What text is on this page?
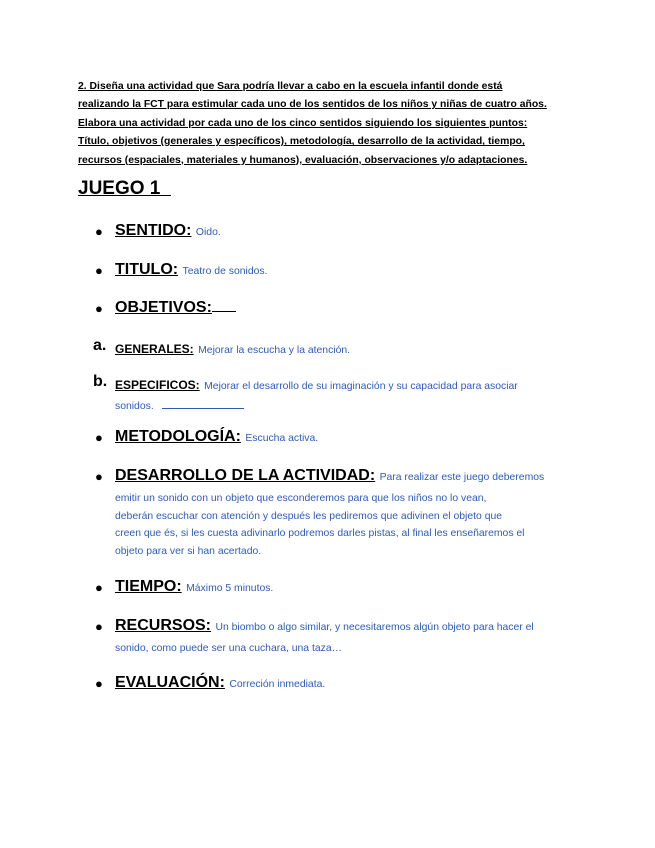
2. Diseña una actividad que Sara podría llevar a cabo en la escuela infantil donde está
realizando la FCT para estimular cada uno de los sentidos de los niños y niñas de cuatro años.
Elabora una actividad por cada uno de los cinco sentidos siguiendo los siguientes puntos:
Título, objetivos (generales y específicos), metodología, desarrollo de la actividad, tiempo,
recursos (espaciales, materiales y humanos), evaluación, observaciones y/o adaptaciones.
JUEGO 1
● SENTIDO: Oido.
● TITULO: Teatro de sonidos.
● OBJETIVOS:
a. GENERALES: Mejorar la escucha y la atención.
b. ESPECIFICOS: Mejorar el desarrollo de su imaginación y su capacidad para asociar
sonidos.
● METODOLOGÍA: Escucha activa.
● DESARROLLO DE LA ACTIVIDAD: Para realizar este juego deberemos
emitir un sonido con un objeto que esconderemos para que los niños no lo vean,
deberán escuchar con atención y después les pediremos que adivinen el objeto que
creen que és, si les cuesta adivinarlo podremos darles pistas, al final les enseñaremos el
objeto para ver si han acertado.
● TIEMPO: Máximo 5 minutos.
● RECURSOS: Un biombo o algo similar, y necesitaremos algún objeto para hacer el
sonido, como puede ser una cuchara, una taza…
● EVALUACIÓN: Correción inmediata.
